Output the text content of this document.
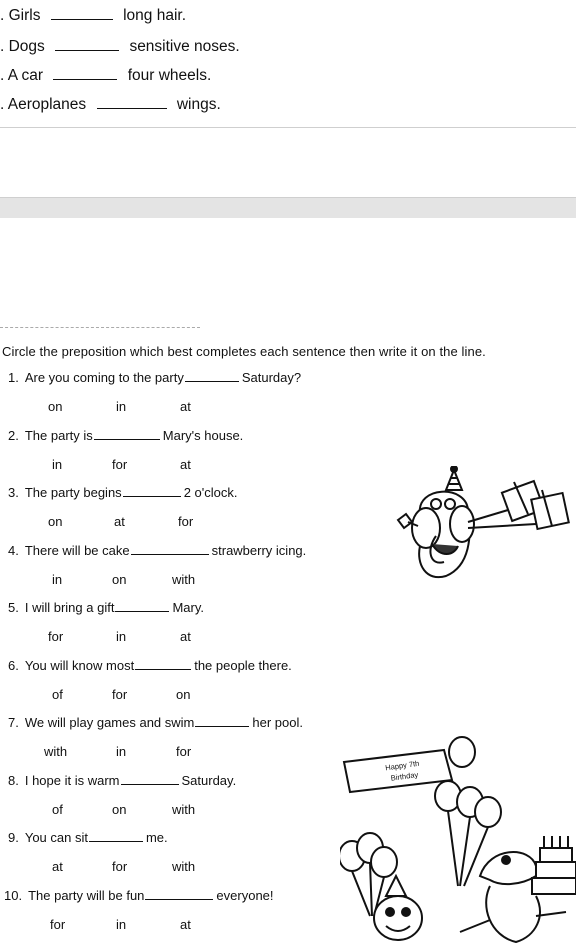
. Girls	long hair.
. Dogs	sensitive noses.
. A car	four wheels.
. Aeroplanes	wings.
Circle the preposition which best completes each sentence then write it on the line.
1. Are you coming to the party	Saturday?
on	in	at
2. The party is	Mary's house.
in	for	at
3. The party begins	2 o'clock.
on	at	for
4. There will be cake	strawberry icing.
in	on	with
5. I will bring a gift	Mary.
for	in	at
6. You will know most	the people there.
of	for	on
7. We will play games and swim	her pool.
with	in	for
8. I hope it is warm	Saturday.
of	on	with
9. You can sit	me.
at	for	with
10. The party will be fun	everyone!
for	in	at
Happy 7th
Birthday
